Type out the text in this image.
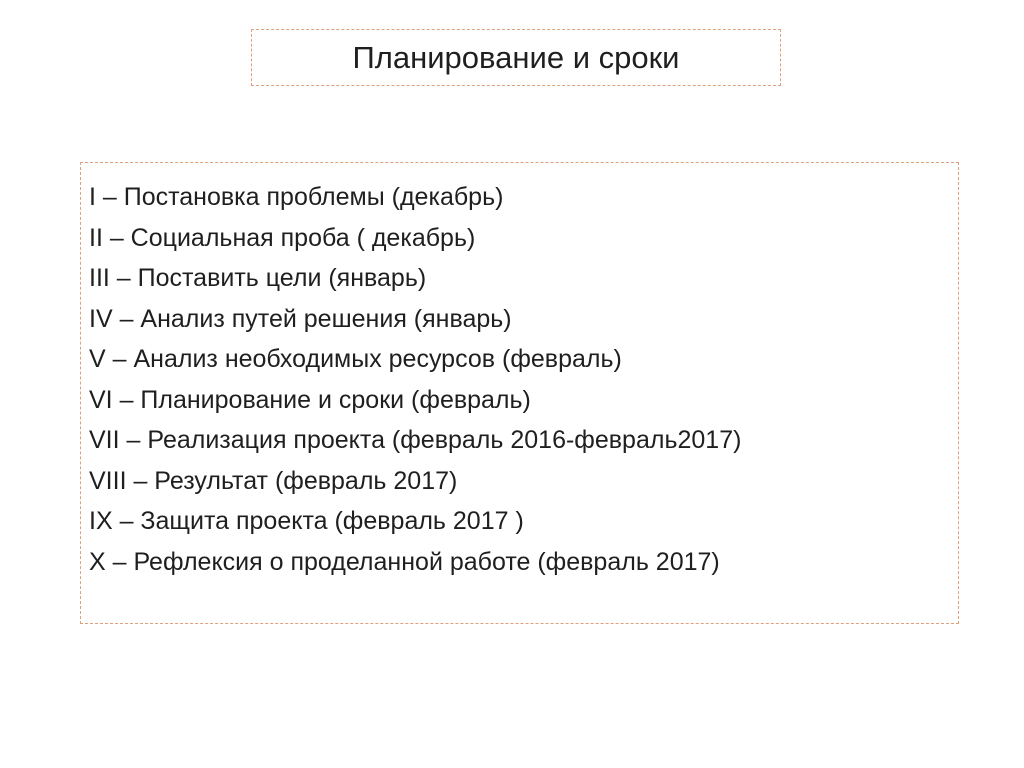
Планирование и сроки
I – Постановка проблемы (декабрь)
II – Социальная проба ( декабрь)
III – Поставить цели (январь)
IV – Анализ путей решения (январь)
V – Анализ необходимых ресурсов (февраль)
VI – Планирование и сроки (февраль)
VII – Реализация проекта (февраль 2016-февраль2017)
VIII – Результат (февраль 2017)
IX – Защита проекта (февраль 2017 )
X – Рефлексия о проделанной работе (февраль 2017)
